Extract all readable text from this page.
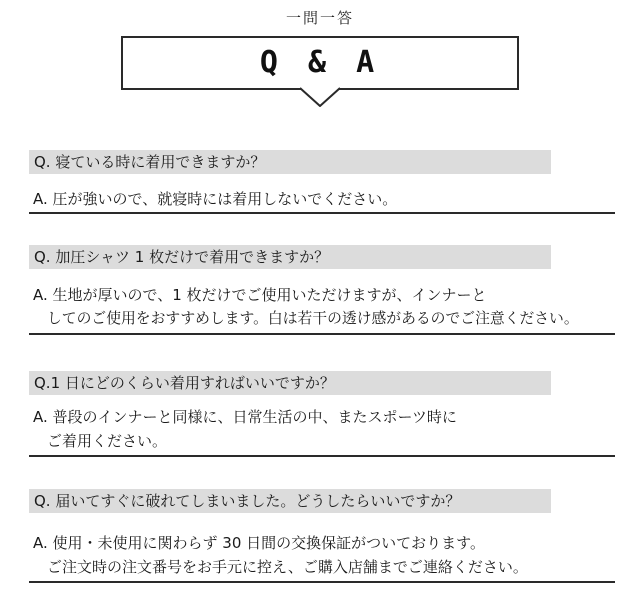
一問一答
Q & A
Q. 寝ている時に着用できますか？
A. 圧が強いので、就寝時には着用しないでください。
Q. 加圧シャツ 1 枚だけで着用できますか？
A. 生地が厚いので、1 枚だけでご使用いただけますが、インナーと
してのご使用をおすすめします。白は若干の透け感があるのでご注意ください。
Q.1 日にどのくらい着用すればいいですか？
A. 普段のインナーと同様に、日常生活の中、またスポーツ時に
ご着用ください。
Q. 届いてすぐに破れてしまいました。どうしたらいいですか？
A. 使用・未使用に関わらず 30 日間の交換保証がついております。
ご注文時の注文番号をお手元に控え、ご購入店舗までご連絡ください。
